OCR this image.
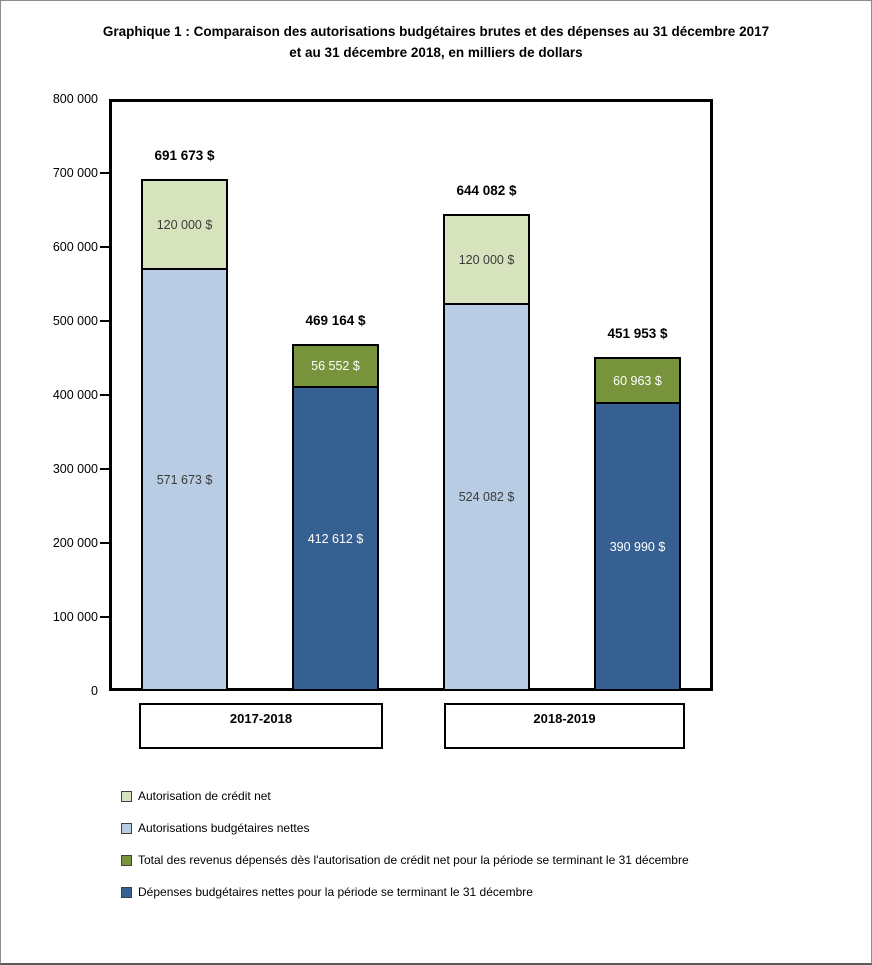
Graphique 1 : Comparaison des autorisations budgétaires brutes et des dépenses au 31 décembre 2017
et au 31 décembre 2018, en milliers de dollars
800 000
700 000
600 000
500 000
400 000
300 000
200 000
100 000
0
120 000 $
571 673 $
691 673 $
56 552 $
412 612 $
469 164 $
120 000 $
524 082 $
644 082 $
60 963 $
390 990 $
451 953 $
2017-2018	2018-2019
Autorisation de crédit net
Autorisations budgétaires nettes
Total des revenus dépensés dès l'autorisation de crédit net pour la période se terminant le 31 décembre
Dépenses budgétaires nettes pour la période se terminant le 31 décembre
